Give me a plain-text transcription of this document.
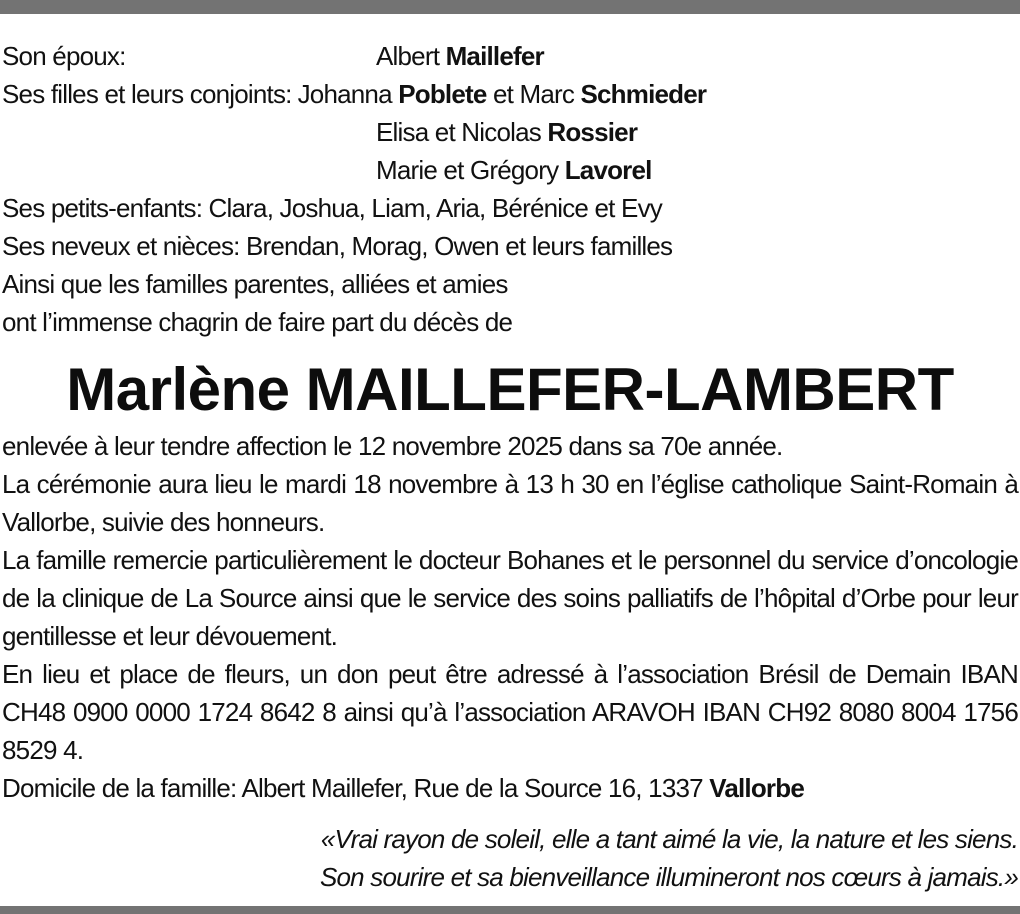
Son époux:	Albert Maillefer
Ses filles et leurs conjoints: Johanna Poblete et Marc Schmieder
Elisa et Nicolas Rossier
Marie et Grégory Lavorel
Ses petits-enfants: Clara, Joshua, Liam, Aria, Bérénice et Evy
Ses neveux et nièces: Brendan, Morag, Owen et leurs familles
Ainsi que les familles parentes, alliées et amies
ont l’immense chagrin de faire part du décès de
Marlène MAILLEFER-LAMBERT

enlevée à leur tendre affection le 12 novembre 2025 dans sa 70e année.

La cérémonie aura lieu le mardi 18 novembre à 13 h 30 en l’église catholique Saint-Romain à Vallorbe, suivie des honneurs.

La famille remercie particulièrement le docteur Bohanes et le personnel du service d’oncologie de la clinique de La Source ainsi que le service des soins palliatifs de l’hôpital d’Orbe pour leur gentillesse et leur dévouement.

En lieu et place de fleurs, un don peut être adressé à l’association Brésil de Demain IBAN CH48 0900 0000 1724 8642 8 ainsi qu’à l’association ARAVOH IBAN CH92 8080 8004 1756 8529 4.

Domicile de la famille: Albert Maillefer, Rue de la Source 16, 1337 Vallorbe

«Vrai rayon de soleil, elle a tant aimé la vie, la nature et les siens.
Son sourire et sa bienveillance illumineront nos cœurs à jamais.»
